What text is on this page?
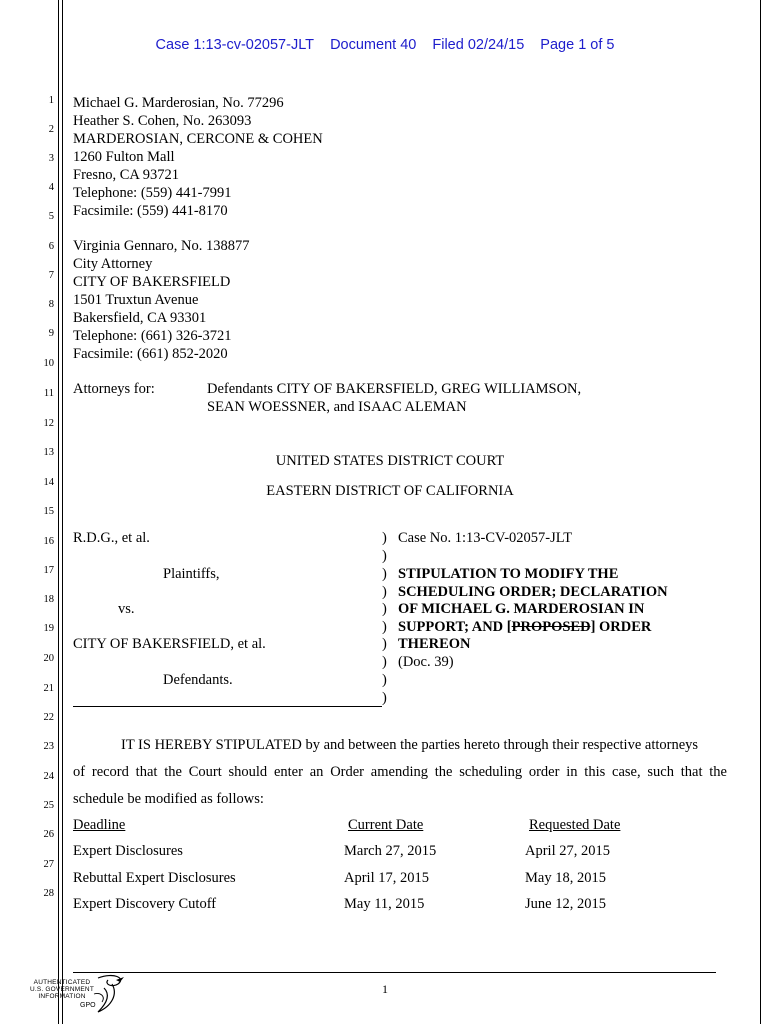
Case 1:13-cv-02057-JLT Document 40 Filed 02/24/15 Page 1 of 5
1
2
3
4
5
6
7
8
9
10
11
12
13
14
15
16
17
18
19
20
21
22
23
24
25
26
27
28
Michael G. Marderosian, No. 77296
Heather S. Cohen, No. 263093
MARDEROSIAN, CERCONE & COHEN
1260 Fulton Mall
Fresno, CA 93721
Telephone: (559) 441-7991
Facsimile: (559) 441-8170
Virginia Gennaro, No. 138877
City Attorney
CITY OF BAKERSFIELD
1501 Truxtun Avenue
Bakersfield, CA 93301
Telephone: (661) 326-3721
Facsimile: (661) 852-2020
Attorneys for:	Defendants CITY OF BAKERSFIELD, GREG WILLIAMSON,
SEAN WOESSNER, and ISAAC ALEMAN
UNITED STATES DISTRICT COURT
EASTERN DISTRICT OF CALIFORNIA
R.D.G., et al.
Plaintiffs,
vs.
CITY OF BAKERSFIELD, et al.
Defendants.
)
)
)
)
)
)
)
)
)
)
Case No. 1:13-CV-02057-JLT
STIPULATION TO MODIFY THE
SCHEDULING ORDER; DECLARATION
OF MICHAEL G. MARDEROSIAN IN
SUPPORT; AND [PROPOSED] ORDER
THEREON
(Doc. 39)
IT IS HEREBY STIPULATED by and between the parties hereto through their respective attorneys
of record that the Court should enter an Order amending the scheduling order in this case, such that the
schedule be modified as follows:
Deadline	Current Date	Requested Date
Expert Disclosures	March 27, 2015	April 27, 2015
Rebuttal Expert Disclosures	April 17, 2015	May 18, 2015
Expert Discovery Cutoff	May 11, 2015	June 12, 2015
1
AUTHENTICATED
U.S. GOVERNMENT
INFORMATION
GPO
